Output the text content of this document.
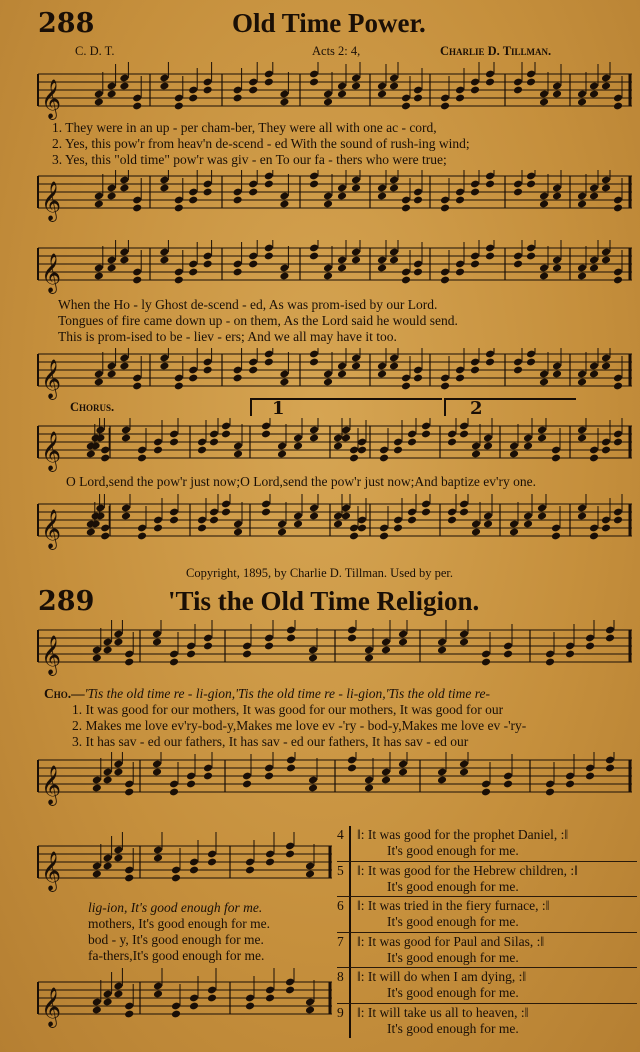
288	Old Time Power.
C. D. T.	Acts 2: 4,	Charlie D. Tillman.
𝄞
1. They were in an up - per cham-ber, They were all with one ac - cord,
2. Yes, this pow'r from heav'n de-scend - ed With the sound of rush-ing wind;
3. Yes, this "old time" pow'r was giv - en To our fa - thers who were true;
𝄞
𝄞
When the Ho - ly Ghost de-scend - ed, As was prom-ised by our Lord.
Tongues of fire came down up - on them, As the Lord said he would send.
This is prom-ised to be - liev - ers; And we all may have it too.
𝄞
Chorus.	1	2
𝄞
O Lord,send the pow'r just now;O Lord,send the pow'r just now;And baptize ev'ry one.
𝄞
Copyright, 1895, by Charlie D. Tillman. Used by per.
289	'Tis the Old Time Religion.
𝄞
Cho.—'Tis the old time re - li-gion,'Tis the old time re - li-gion,'Tis the old time re-
1. It was good for our mothers, It was good for our mothers, It was good for our
2. Makes me love ev'ry-bod-y,Makes me love ev -'ry - bod-y,Makes me love ev -'ry-
3. It has sav - ed our fathers, It has sav - ed our fathers, It has sav - ed our
𝄞
𝄞
lig-ion, It's good enough for me.
mothers, It's good enough for me.
bod - y, It's good enough for me.
fa-thers,It's good enough for me.
𝄞
4 ‖: It was good for the prophet Daniel, :‖
It's good enough for me.
5 ‖: It was good for the Hebrew children, :‖
It's good enough for me.
6 ‖: It was tried in the fiery furnace, :‖
It's good enough for me.
7 ‖: It was good for Paul and Silas, :‖
It's good enough for me.
8 ‖: It will do when I am dying, :‖
It's good enough for me.
9 ‖: It will take us all to heaven, :‖
It's good enough for me.
